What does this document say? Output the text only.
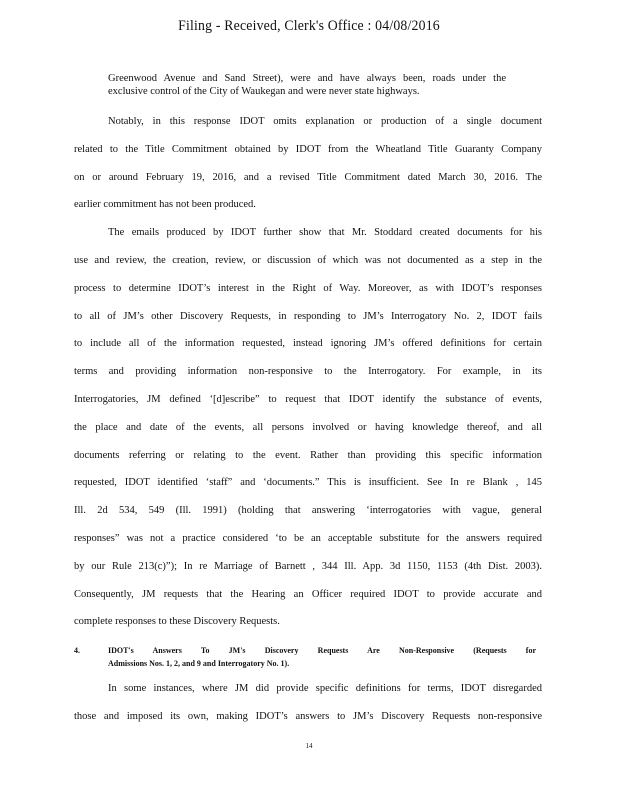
Filing - Received, Clerk's Office : 04/08/2016
Greenwood Avenue and Sand Street), were and have always been, roads under the
exclusive control of the City of Waukegan and were never state highways.
Notably, in this response IDOT omits explanation or production of a single document
related to the Title Commitment obtained by IDOT from the Wheatland Title Guaranty Company
on or around February 19, 2016, and a revised Title Commitment dated March 30, 2016. The
earlier commitment has not been produced.
The emails produced by IDOT further show that Mr. Stoddard created documents for his
use and review, the creation, review, or discussion of which was not documented as a step in the
process to determine IDOT’s interest in the Right of Way. Moreover, as with IDOT’s responses
to all of JM’s other Discovery Requests, in responding to JM’s Interrogatory No. 2, IDOT fails
to include all of the information requested, instead ignoring JM’s offered definitions for certain
terms and providing information non-responsive to the Interrogatory. For example, in its
Interrogatories, JM defined ‘[d]escribe” to request that IDOT identify the substance of events,
the place and date of the events, all persons involved or having knowledge thereof, and all
documents referring or relating to the event. Rather than providing this specific information
requested, IDOT identified ‘staff” and ‘documents.” This is insufficient. See In re Blank , 145
Ill. 2d 534, 549 (Ill. 1991) (holding that answering ‘interrogatories with vague, general
responses” was not a practice considered ‘to be an acceptable substitute for the answers required
by our Rule 213(c)”); In re Marriage of Barnett , 344 Ill. App. 3d 1150, 1153 (4th Dist. 2003).
Consequently, JM requests that the Hearing an Officer required IDOT to provide accurate and
complete responses to these Discovery Requests.
In some instances, where JM did provide specific definitions for terms, IDOT disregarded
those and imposed its own, making IDOT’s answers to JM’s Discovery Requests non-responsive
4.	IDOT's Answers To JM's Discovery Requests Are Non-Responsive (Requests for
Admissions Nos. 1, 2, and 9 and Interrogatory No. 1).
14
